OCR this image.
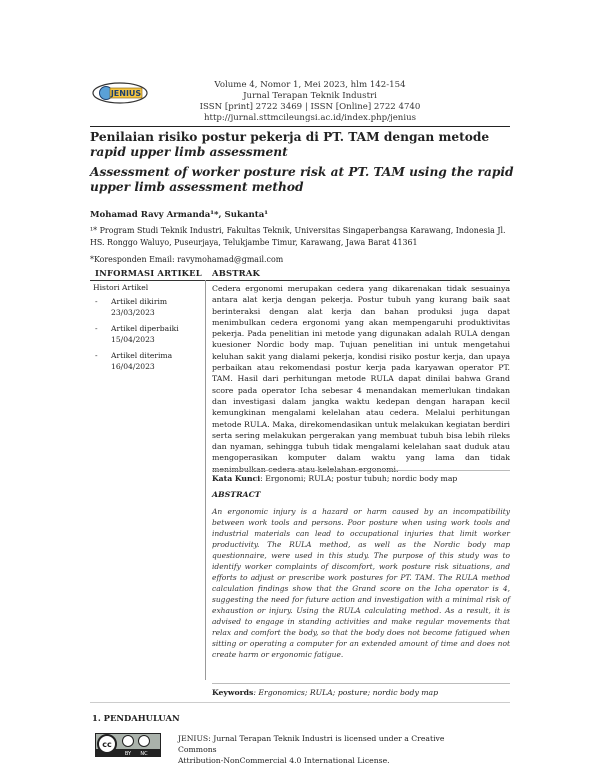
JENIUS
Volume 4, Nomor 1, Mei 2023, hlm 142-154
Jurnal Terapan Teknik Industri
ISSN [print] 2722 3469 | ISSN [Online] 2722 4740
http://jurnal.sttmcileungsi.ac.id/index.php/jenius
Penilaian risiko postur pekerja di PT. TAM dengan metode rapid upper limb assessment
Assessment of worker posture risk at PT. TAM using the rapid upper limb assessment method
Mohamad Ravy Armanda¹*, Sukanta¹
¹* Program Studi Teknik Industri, Fakultas Teknik, Universitas Singaperbangsa Karawang, Indonesia Jl. HS. Ronggo Waluyo, Puseurjaya, Telukjambe Timur, Karawang, Jawa Barat 41361
*Koresponden Email: ravymohamad@gmail.com
INFORMASI ARTIKEL ABSTRAK
Histori Artikel
- Artikel dikirim
23/03/2023
- Artikel diperbaiki
15/04/2023
- Artikel diterima
16/04/2023
Cedera ergonomi merupakan cedera yang dikarenakan tidak sesuainya antara alat kerja dengan pekerja. Postur tubuh yang kurang baik saat berinteraksi dengan alat kerja dan bahan produksi juga dapat menimbulkan cedera ergonomi yang akan mempengaruhi produktivitas pekerja. Pada penelitian ini metode yang digunakan adalah RULA dengan kuesioner Nordic body map. Tujuan penelitian ini untuk mengetahui keluhan sakit yang dialami pekerja, kondisi risiko postur kerja, dan upaya perbaikan atau rekomendasi postur kerja pada karyawan operator PT. TAM. Hasil dari perhitungan metode RULA dapat dinilai bahwa Grand score pada operator Icha sebesar 4 menandakan memerlukan tindakan dan investigasi dalam jangka waktu kedepan dengan harapan kecil kemungkinan mengalami kelelahan atau cedera. Melalui perhitungan metode RULA. Maka, direkomendasikan untuk melakukan kegiatan berdiri serta sering melakukan pergerakan yang membuat tubuh bisa lebih rileks dan nyaman, sehingga tubuh tidak mengalami kelelahan saat duduk atau mengoperasikan komputer dalam waktu yang lama dan tidak menimbulkan cedera atau kelelahan ergonomi.
Kata Kunci: Ergonomi; RULA; postur tubuh; nordic body map
ABSTRACT
An ergonomic injury is a hazard or harm caused by an incompatibility between work tools and persons. Poor posture when using work tools and industrial materials can lead to occupational injuries that limit worker productivity. The RULA method, as well as the Nordic body map questionnaire, were used in this study. The purpose of this study was to identify worker complaints of discomfort, work posture risk situations, and efforts to adjust or prescribe work postures for PT. TAM. The RULA method calculation findings show that the Grand score on the Icha operator is 4, suggesting the need for future action and investigation with a minimal risk of exhaustion or injury. Using the RULA calculating method. As a result, it is advised to engage in standing activities and make regular movements that relax and comfort the body, so that the body does not become fatigued when sitting or operating a computer for an extended amount of time and does not create harm or ergonomic fatigue.
Keywords: Ergonomics; RULA; posture; nordic body map
1. PENDAHULUAN
cc
BY NC
JENIUS: Jurnal Terapan Teknik Industri is licensed under a Creative Commons
Attribution-NonCommercial 4.0 International License.
